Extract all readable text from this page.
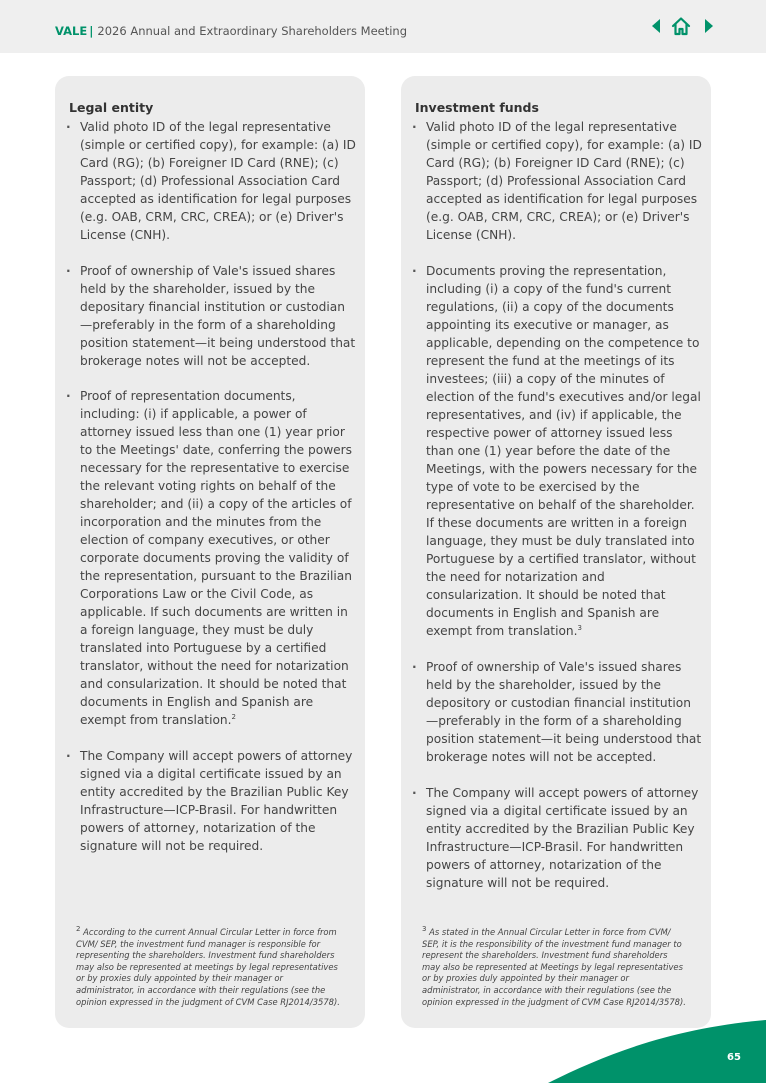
VALE | 2026 Annual and Extraordinary Shareholders Meeting
Legal entity
· Valid photo ID of the legal representative (simple or certified copy), for example: (a) ID Card (RG); (b) Foreigner ID Card (RNE); (c) Passport; (d) Professional Association Card accepted as identification for legal purposes (e.g. OAB, CRM, CRC, CREA); or (e) Driver's License (CNH).
· Proof of ownership of Vale's issued shares held by the shareholder, issued by the depositary financial institution or custodian—preferably in the form of a shareholding position statement—it being understood that brokerage notes will not be accepted.
· Proof of representation documents, including: (i) if applicable, a power of attorney issued less than one (1) year prior to the Meetings' date, conferring the powers necessary for the representative to exercise the relevant voting rights on behalf of the shareholder; and (ii) a copy of the articles of incorporation and the minutes from the election of company executives, or other corporate documents proving the validity of the representation, pursuant to the Brazilian Corporations Law or the Civil Code, as applicable. If such documents are written in a foreign language, they must be duly translated into Portuguese by a certified translator, without the need for notarization and consularization. It should be noted that documents in English and Spanish are exempt from translation.$^2$
· The Company will accept powers of attorney signed via a digital certificate issued by an entity accredited by the Brazilian Public Key Infrastructure—ICP-Brasil. For handwritten powers of attorney, notarization of the signature will not be required.
$^2$ According to the current Annual Circular Letter in force from CVM/ SEP, the investment fund manager is responsible for representing the shareholders. Investment fund shareholders may also be represented at meetings by legal representatives or by proxies duly appointed by their manager or administrator, in accordance with their regulations (see the opinion expressed in the judgment of CVM Case RJ2014/3578).
Investment funds
· Valid photo ID of the legal representative (simple or certified copy), for example: (a) ID Card (RG); (b) Foreigner ID Card (RNE); (c) Passport; (d) Professional Association Card accepted as identification for legal purposes (e.g. OAB, CRM, CRC, CREA); or (e) Driver's License (CNH).
· Documents proving the representation, including (i) a copy of the fund's current regulations, (ii) a copy of the documents appointing its executive or manager, as applicable, depending on the competence to represent the fund at the meetings of its investees; (iii) a copy of the minutes of election of the fund's executives and/or legal representatives, and (iv) if applicable, the respective power of attorney issued less than one (1) year before the date of the Meetings, with the powers necessary for the type of vote to be exercised by the representative on behalf of the shareholder. If these documents are written in a foreign language, they must be duly translated into Portuguese by a certified translator, without the need for notarization and consularization. It should be noted that documents in English and Spanish are exempt from translation.$^3$
· Proof of ownership of Vale's issued shares held by the shareholder, issued by the depository or custodian financial institution—preferably in the form of a shareholding position statement—it being understood that brokerage notes will not be accepted.
· The Company will accept powers of attorney signed via a digital certificate issued by an entity accredited by the Brazilian Public Key Infrastructure—ICP-Brasil. For handwritten powers of attorney, notarization of the signature will not be required.
$^3$ As stated in the Annual Circular Letter in force from CVM/ SEP, it is the responsibility of the investment fund manager to represent the shareholders. Investment fund shareholders may also be represented at Meetings by legal representatives or by proxies duly appointed by their manager or administrator, in accordance with their regulations (see the opinion expressed in the judgment of CVM Case RJ2014/3578).
65
